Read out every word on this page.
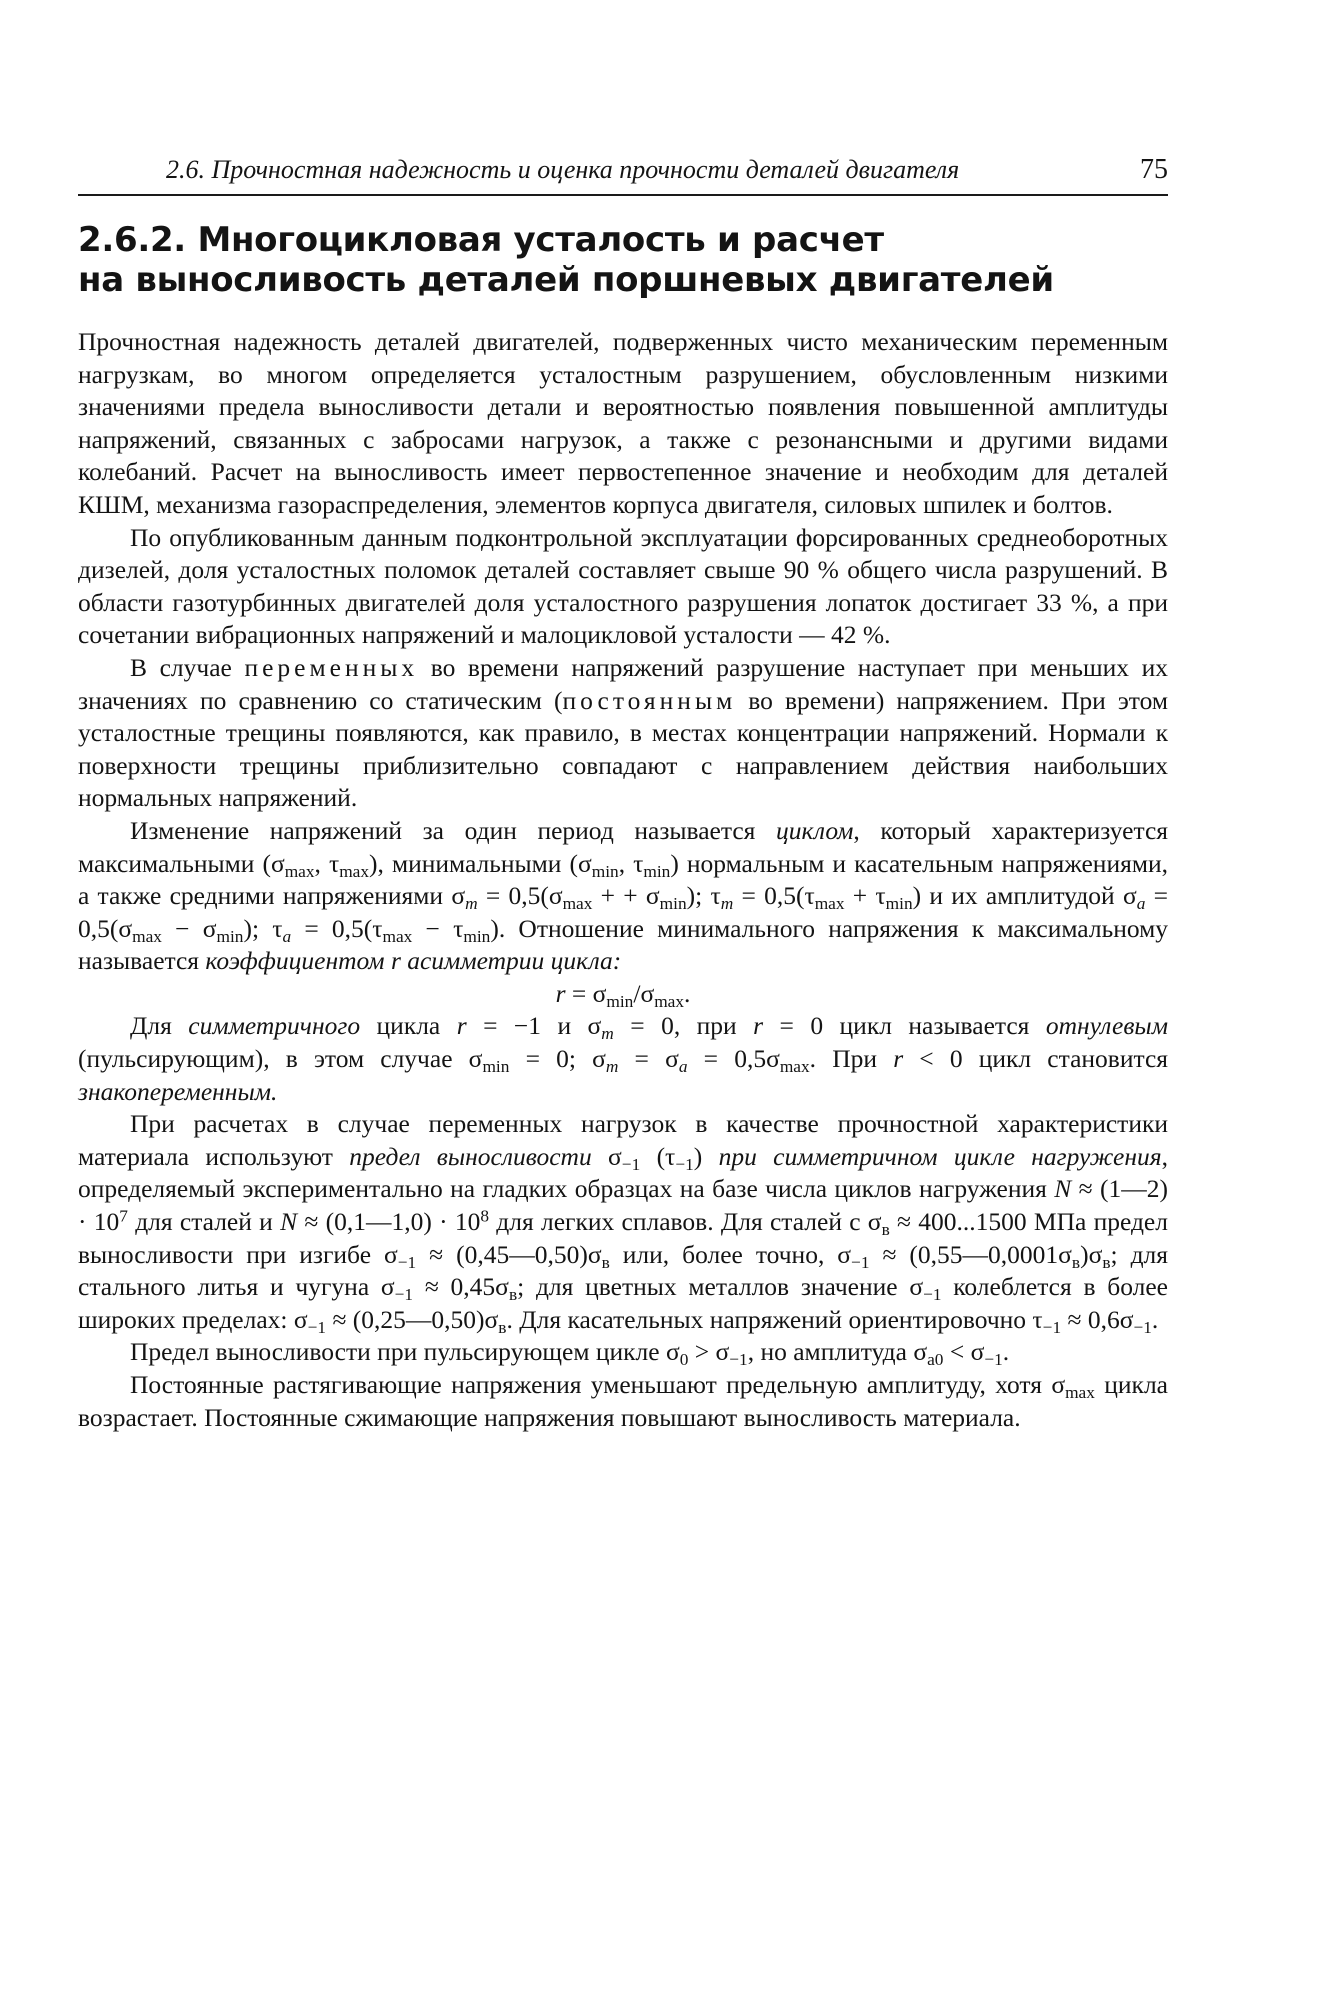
2.6. Прочностная надежность и оценка прочности деталей двигателя	75
2.6.2. Многоцикловая усталость и расчет
на выносливость деталей поршневых двигателей

Прочностная надежность деталей двигателей, подверженных чисто механическим переменным нагрузкам, во многом определяется усталостным разрушением, обусловленным низкими значениями предела выносливости детали и вероятностью появления повышенной амплитуды напряжений, связанных с забросами нагрузок, а также с резонансными и другими видами колебаний. Расчет на выносливость имеет первостепенное значение и необходим для деталей КШМ, механизма газораспределения, элементов корпуса двигателя, силовых шпилек и болтов.

По опубликованным данным подконтрольной эксплуатации форсированных среднеоборотных дизелей, доля усталостных поломок деталей составляет свыше 90 % общего числа разрушений. В области газотурбинных двигателей доля усталостного разрушения лопаток достигает 33 %, а при сочетании вибрационных напряжений и малоцикловой усталости — 42 %.

В случае переменных во времени напряжений разрушение наступает при меньших их значениях по сравнению со статическим (постоянным во времени) напряжением. При этом усталостные трещины появляются, как правило, в местах концентрации напряжений. Нормали к поверхности трещины приблизительно совпадают с направлением действия наибольших нормальных напряжений.

Изменение напряжений за один период называется циклом, который характеризуется максимальными ($\sigma_{max}$, $\tau_{max}$), минимальными ($\sigma_{min}$, $\tau_{min}$) нормальным и касательным напряжениями, а также средними напряжениями $\sigma_m = 0,5(\sigma_{max}$ + + $\sigma_{min}$); $\tau_m = 0,5(\tau_{max} + \tau_{min})$ и их амплитудой $\sigma_a = 0,5(\sigma_{max} - \sigma_{min})$; $\tau_a = 0,5(\tau_{max} - \tau_{min})$. Отношение минимального напряжения к максимальному называется коэффициентом r асимметрии цикла:

$r = \sigma_{min}/\sigma_{max}$.

Для симметричного цикла r = −1 и $\sigma_m = 0$, при r = 0 цикл называется отнулевым (пульсирующим), в этом случае $\sigma_{min} = 0$; $\sigma_m = \sigma_a = 0,5\sigma_{max}$. При r < 0 цикл становится знакопеременным.

При расчетах в случае переменных нагрузок в качестве прочностной характеристики материала используют предел выносливости $\sigma_{-1}$ $(\tau_{-1})$ при симметричном цикле нагружения, определяемый экспериментально на гладких образцах на базе числа циклов нагружения N ≈ (1—2) · $10^7$ для сталей и N ≈ (0,1—1,0) · $10^8$ для легких сплавов. Для сталей с $\sigma_в \approx 400...1500$ МПа предел выносливости при изгибе $\sigma_{-1}$ ≈ $(0,45—0,50)\sigma_в$ или, более точно, $\sigma_{-1}$ ≈ $(0,55—0,0001\sigma_в)\sigma_в$; для стального литья и чугуна $\sigma_{-1} \approx 0,45\sigma_в$; для цветных металлов значение $\sigma_{-1}$ колеблется в более широких пределах: $\sigma_{-1}$ ≈ $(0,25—0,50)\sigma_в$. Для касательных напряжений ориентировочно $\tau_{-1} \approx 0,6\sigma_{-1}$.

Предел выносливости при пульсирующем цикле $\sigma_0 > \sigma_{-1}$, но амплитуда $\sigma_{a0} < \sigma_{-1}$.

Постоянные растягивающие напряжения уменьшают предельную амплитуду, хотя $\sigma_{max}$ цикла возрастает. Постоянные сжимающие напряжения повышают выносливость материала.
